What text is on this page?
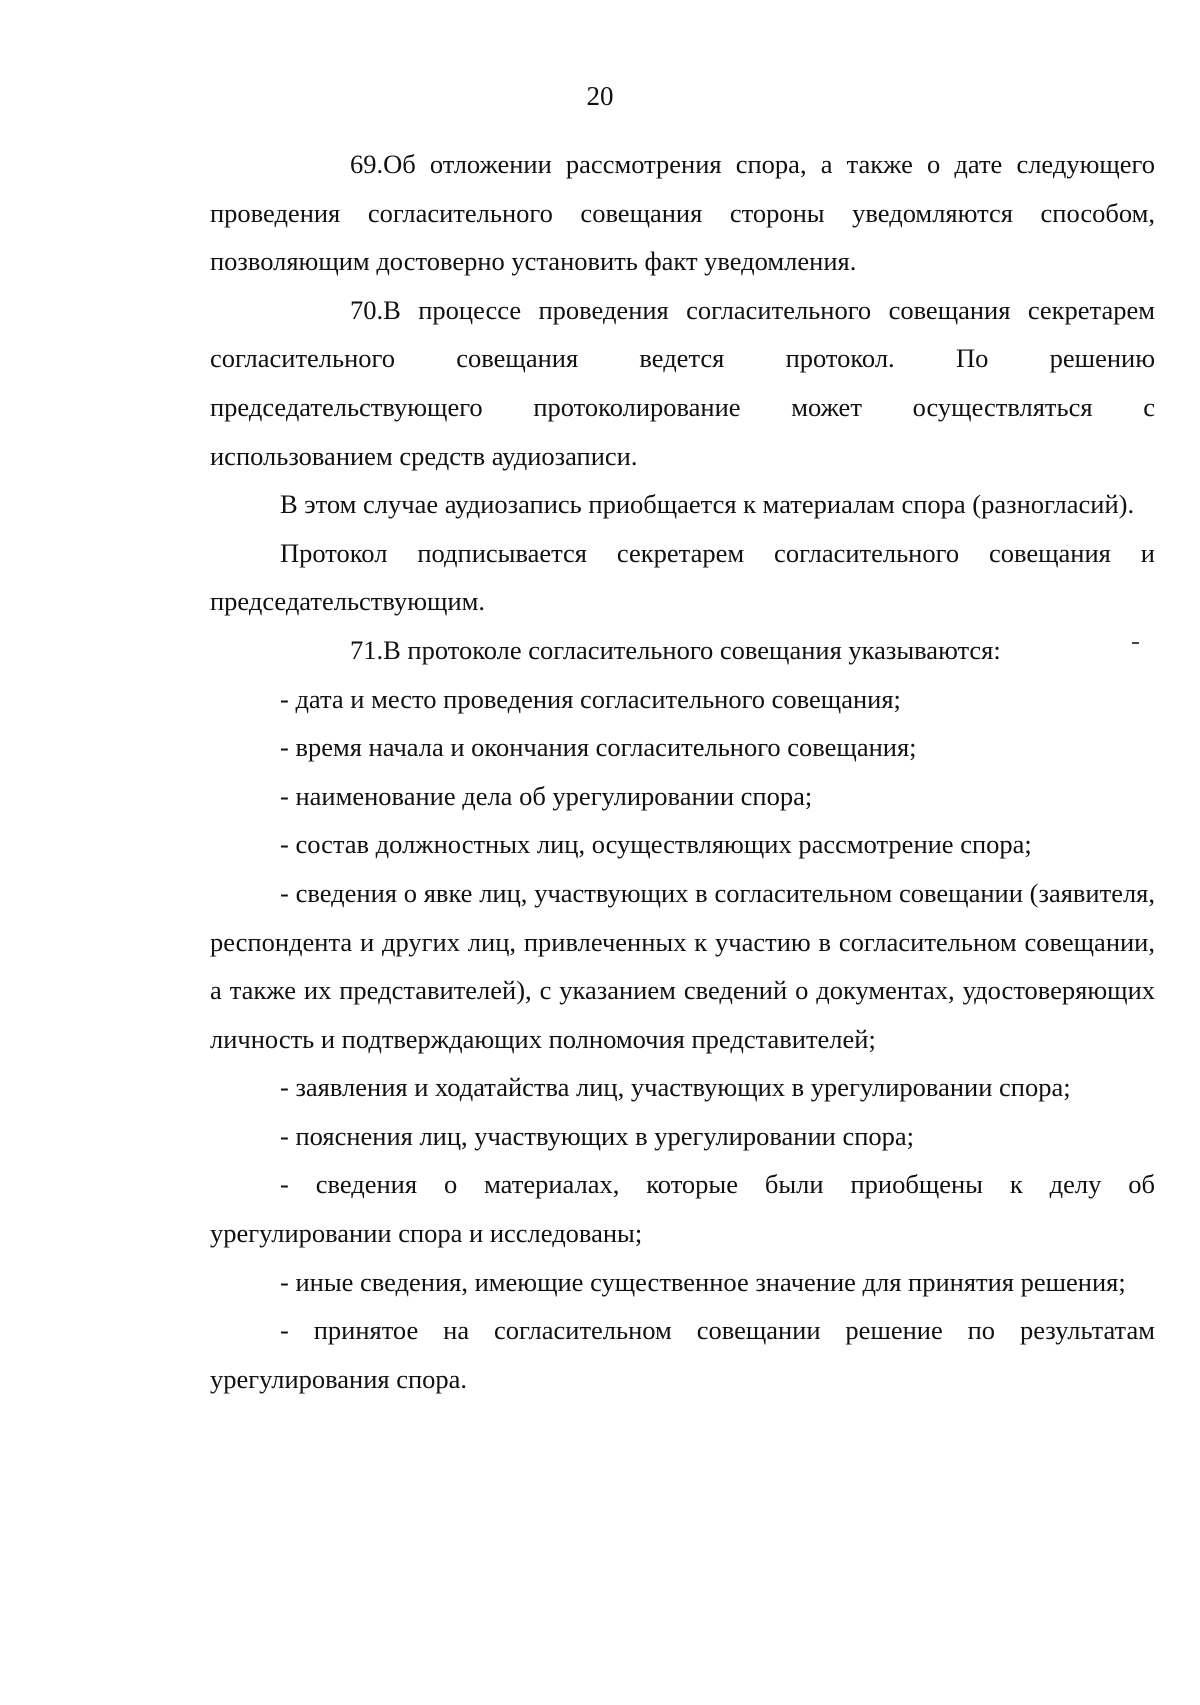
20

69.Об отложении рассмотрения спора, а также о дате следующего проведения согласительного совещания стороны уведомляются способом, позволяющим достоверно установить факт уведомления.

70.В процессе проведения согласительного совещания секретарем согласительного совещания ведется протокол. По решению председательствующего протоколирование может осуществляться с использованием средств аудиозаписи.

В этом случае аудиозапись приобщается к материалам спора (разногласий).

Протокол подписывается секретарем согласительного совещания и председательствующим.

71.В протоколе согласительного совещания указываются:

- дата и место проведения согласительного совещания;

- время начала и окончания согласительного совещания;

- наименование дела об урегулировании спора;

- состав должностных лиц, осуществляющих рассмотрение спора;

- сведения о явке лиц, участвующих в согласительном совещании (заявителя, респондента и других лиц, привлеченных к участию в согласительном совещании, а также их представителей), с указанием сведений о документах, удостоверяющих личность и подтверждающих полномочия представителей;

- заявления и ходатайства лиц, участвующих в урегулировании спора;

- пояснения лиц, участвующих в урегулировании спора;

- сведения о материалах, которые были приобщены к делу об урегулировании спора и исследованы;

- иные сведения, имеющие существенное значение для принятия решения;

- принятое на согласительном совещании решение по результатам урегулирования спора.
